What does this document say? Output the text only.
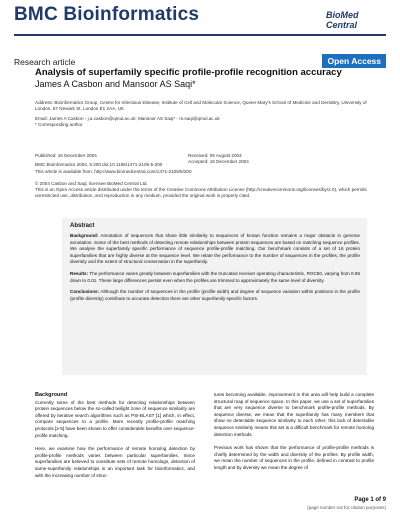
BMC Bioinformatics	BioMed Central
Research article	Open Access
Analysis of superfamily specific profile-profile recognition accuracy
James A Casbon and Mansoor AS Saqi*
Address: Bioinformatics Group, Centre for Infectious Disease, Institute of Cell and Molecular Science, Queen Mary's School of Medicine and Dentistry, University of London, 57 Newark St, London E1 2AA, UK
Email: James A Casbon - j.a.casbon@qmul.ac.uk; Mansoor AS Saqi* - m.saqi@qmul.ac.uk
* Corresponding author
Published: 16 December 2004	Received: 09 August 2004
Accepted: 16 December 2004
BMC Bioinformatics 2004, 5:200 doi:10.1186/1471-2105-5-200
This article is available from: http://www.biomedcentral.com/1471-2105/5/200
© 2004 Casbon and Saqi; licensee BioMed Central Ltd.
This is an Open Access article distributed under the terms of the Creative Commons Attribution License (http://creativecommons.org/licenses/by/2.0), which permits unrestricted use, distribution, and reproduction in any medium, provided the original work is properly cited.
Abstract

Background: Annotation of sequences that share little similarity to sequences of known function remains a major obstacle in genome annotation. Some of the best methods of detecting remote relationships between protein sequences are based on matching sequence profiles. We analyse the superfamily specific performance of sequence profile-profile matching. Our benchmark consists of a set of 16 protein superfamilies that are highly diverse at the sequence level. We relate the performance to the number of sequences in the profiles, the profile diversity and the extent of structural conservation in the superfamily.

Results: The performance varies greatly between superfamilies with the truncated receiver operating characteristic, ROC50, varying from 0.95 down to 0.01. These large differences persist even when the profiles are trimmed to approximately the same level of diversity.

Conclusions: Although the number of sequences in the profile (profile width) and degree of sequence variation within positions in the profile (profile diversity) contribute to accurate detection there are other superfamily specific factors.

Background

Currently some of the best methods for detecting relationships between protein sequences below the so-called twilight zone of sequence similarity are offered by iterative search algorithms such as PSI-BLAST [1] which, in effect, compare sequences to a profile. More recently profile-profile matching protocols [2-5] have been shown to offer considerable benefits over sequence-profile matching.

Here, we examine how the performance of remote homolog detection by profile-profile methods varies between particular superfamilies. Since superfamilies are believed to constitute sets of remote homologs, detection of same-superfamily relationships is an important task for bioinformatics, and with the increasing number of struc-

tures becoming available, improvement in this area will help build a complete structural map of sequence space. In this paper, we use a set of superfamilies that are very sequence diverse to benchmark profile-profile methods. By sequence diverse, we mean that the superfamily has many members that show no detectable sequence similarity to each other; this lack of detectable sequence similarity means this set is a difficult benchmark for remote homolog detection methods.

Previous work has shown that the performance of profile-profile methods is chiefly determined by the width and diversity of the profiles. By profile width, we mean the number of sequences in the profile, defined in contrast to profile length and by diversity we mean the degree of

Page 1 of 9
(page number not for citation purposes)
